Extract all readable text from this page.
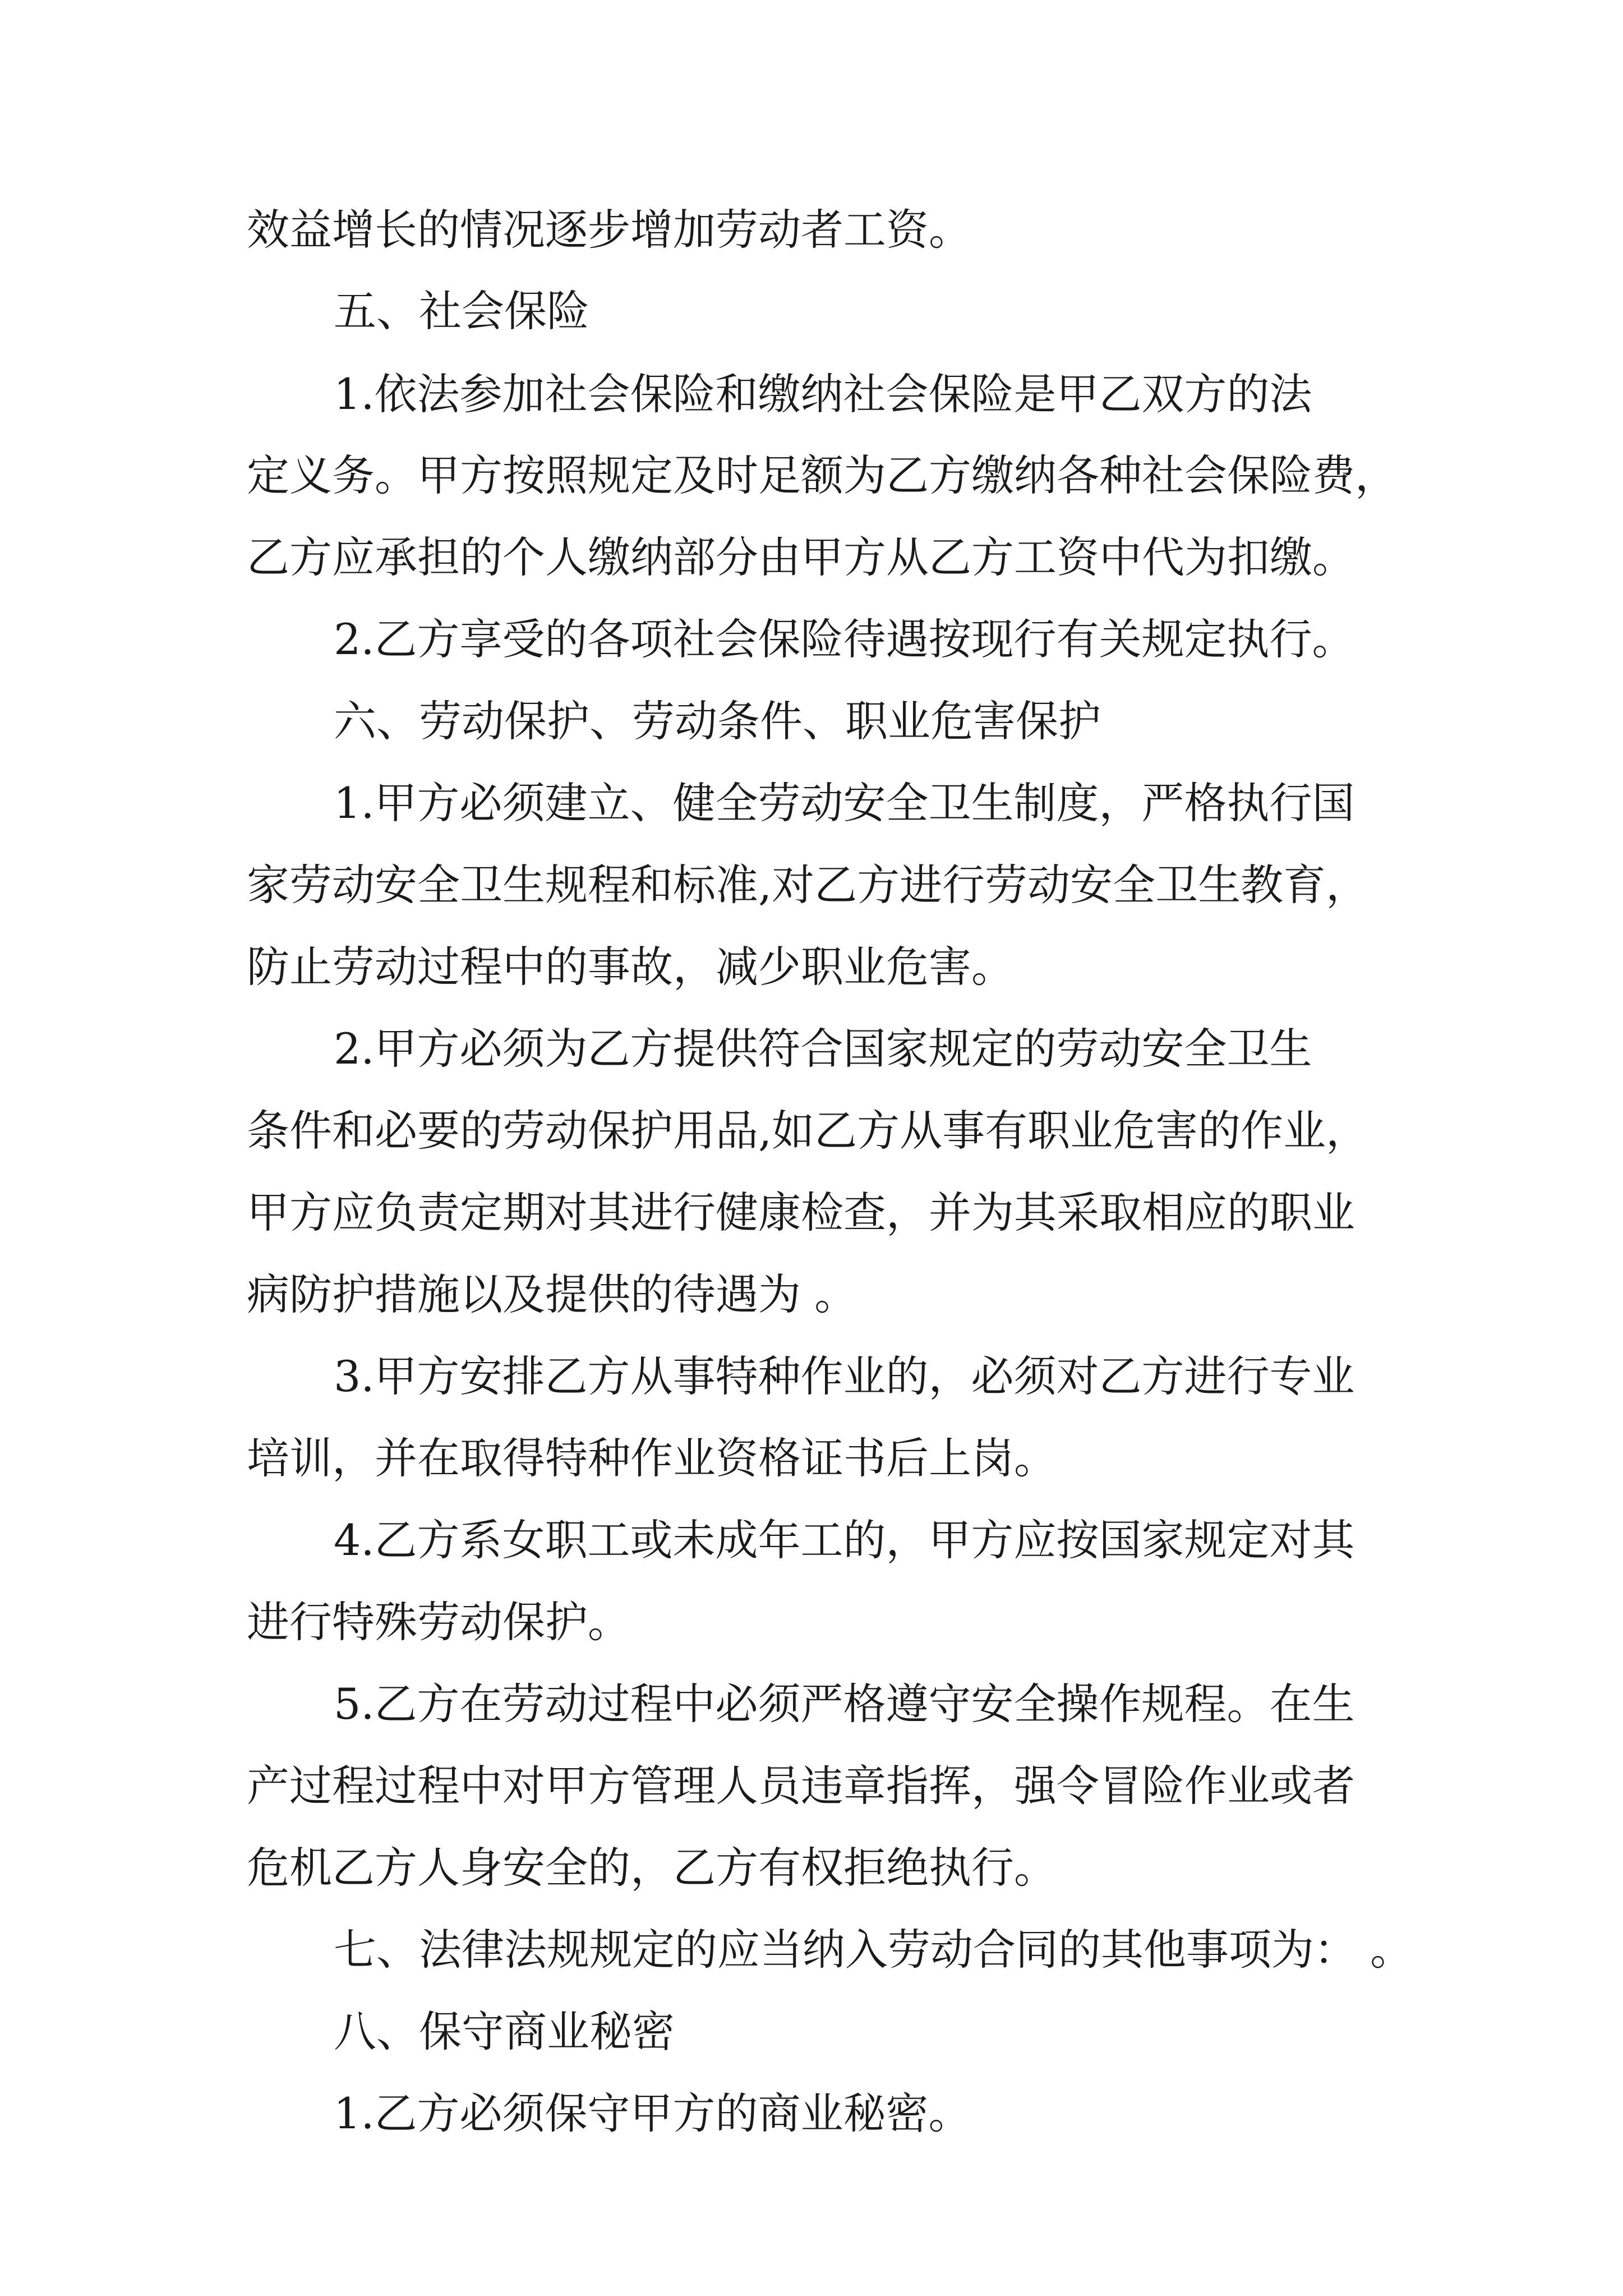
效益增长的情况逐步增加劳动者工资。
五、社会保险
1.依法参加社会保险和缴纳社会保险是甲乙双方的法
定义务。甲方按照规定及时足额为乙方缴纳各种社会保险费，
乙方应承担的个人缴纳部分由甲方从乙方工资中代为扣缴。
2.乙方享受的各项社会保险待遇按现行有关规定执行。
六、劳动保护、劳动条件、职业危害保护
1.甲方必须建立、健全劳动安全卫生制度，严格执行国
家劳动安全卫生规程和标准,对乙方进行劳动安全卫生教育，
防止劳动过程中的事故，减少职业危害。
2.甲方必须为乙方提供符合国家规定的劳动安全卫生
条件和必要的劳动保护用品,如乙方从事有职业危害的作业，
甲方应负责定期对其进行健康检查，并为其采取相应的职业
病防护措施以及提供的待遇为 。
3.甲方安排乙方从事特种作业的，必须对乙方进行专业
培训，并在取得特种作业资格证书后上岗。
4.乙方系女职工或未成年工的，甲方应按国家规定对其
进行特殊劳动保护。
5.乙方在劳动过程中必须严格遵守安全操作规程。在生
产过程过程中对甲方管理人员违章指挥，强令冒险作业或者
危机乙方人身安全的，乙方有权拒绝执行。
七、法律法规规定的应当纳入劳动合同的其他事项为： 。
八、保守商业秘密
1.乙方必须保守甲方的商业秘密。
